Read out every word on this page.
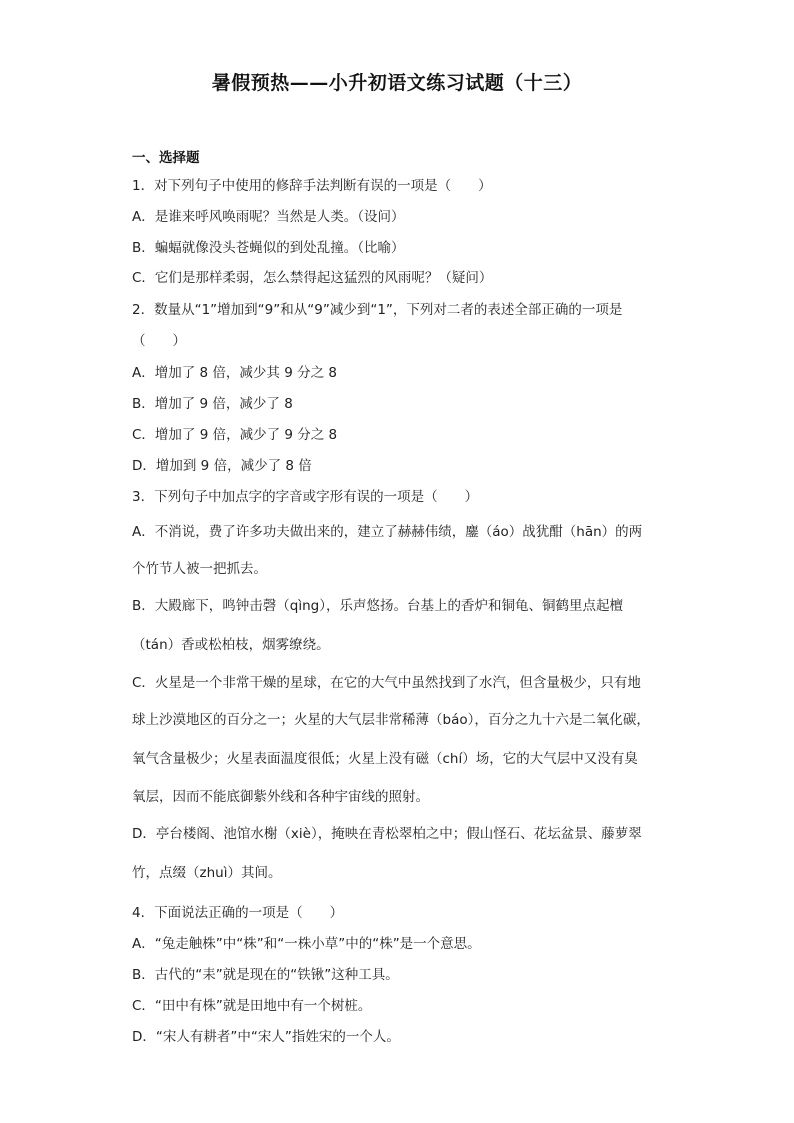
暑假预热——小升初语文练习试题（十三）
一、选择题
1．对下列句子中使用的修辞手法判断有误的一项是（　　）
A．是谁来呼风唤雨呢？当然是人类。（设问）
B．蝙蝠就像没头苍蝇似的到处乱撞。（比喻）
C．它们是那样柔弱，怎么禁得起这猛烈的风雨呢？（疑问）
2．数量从“1”增加到“9”和从“9”减少到“1”，下列对二者的表述全部正确的一项是
（　　）
A．增加了 8 倍，减少其 9 分之 8
B．增加了 9 倍，减少了 8
C．增加了 9 倍，减少了 9 分之 8
D．增加到 9 倍，减少了 8 倍
3．下列句子中加点字的字音或字形有误的一项是（　　）
A．不消说，费了许多功夫做出来的，建立了赫赫伟绩，鏖（áo）战犹酣（hān）的两
个竹节人被一把抓去。
B．大殿廊下，鸣钟击磬（qìng），乐声悠扬。台基上的香炉和铜龟、铜鹤里点起檀
（tán）香或松柏枝，烟雾缭绕。
C．火星是一个非常干燥的星球，在它的大气中虽然找到了水汽，但含量极少，只有地
球上沙漠地区的百分之一；火星的大气层非常稀薄（báo），百分之九十六是二氧化碳，
氧气含量极少；火星表面温度很低；火星上没有磁（chí）场，它的大气层中又没有臭
氧层，因而不能底御紫外线和各种宇宙线的照射。
D．亭台楼阁、池馆水榭（xiè），掩映在青松翠柏之中；假山怪石、花坛盆景、藤萝翠
竹，点缀（zhuì）其间。
4．下面说法正确的一项是（　　）
A．“兔走触株”中“株”和“一株小草”中的“株”是一个意思。
B．古代的“耒”就是现在的“铁锹”这种工具。
C．“田中有株”就是田地中有一个树桩。
D．“宋人有耕者”中“宋人”指姓宋的一个人。
